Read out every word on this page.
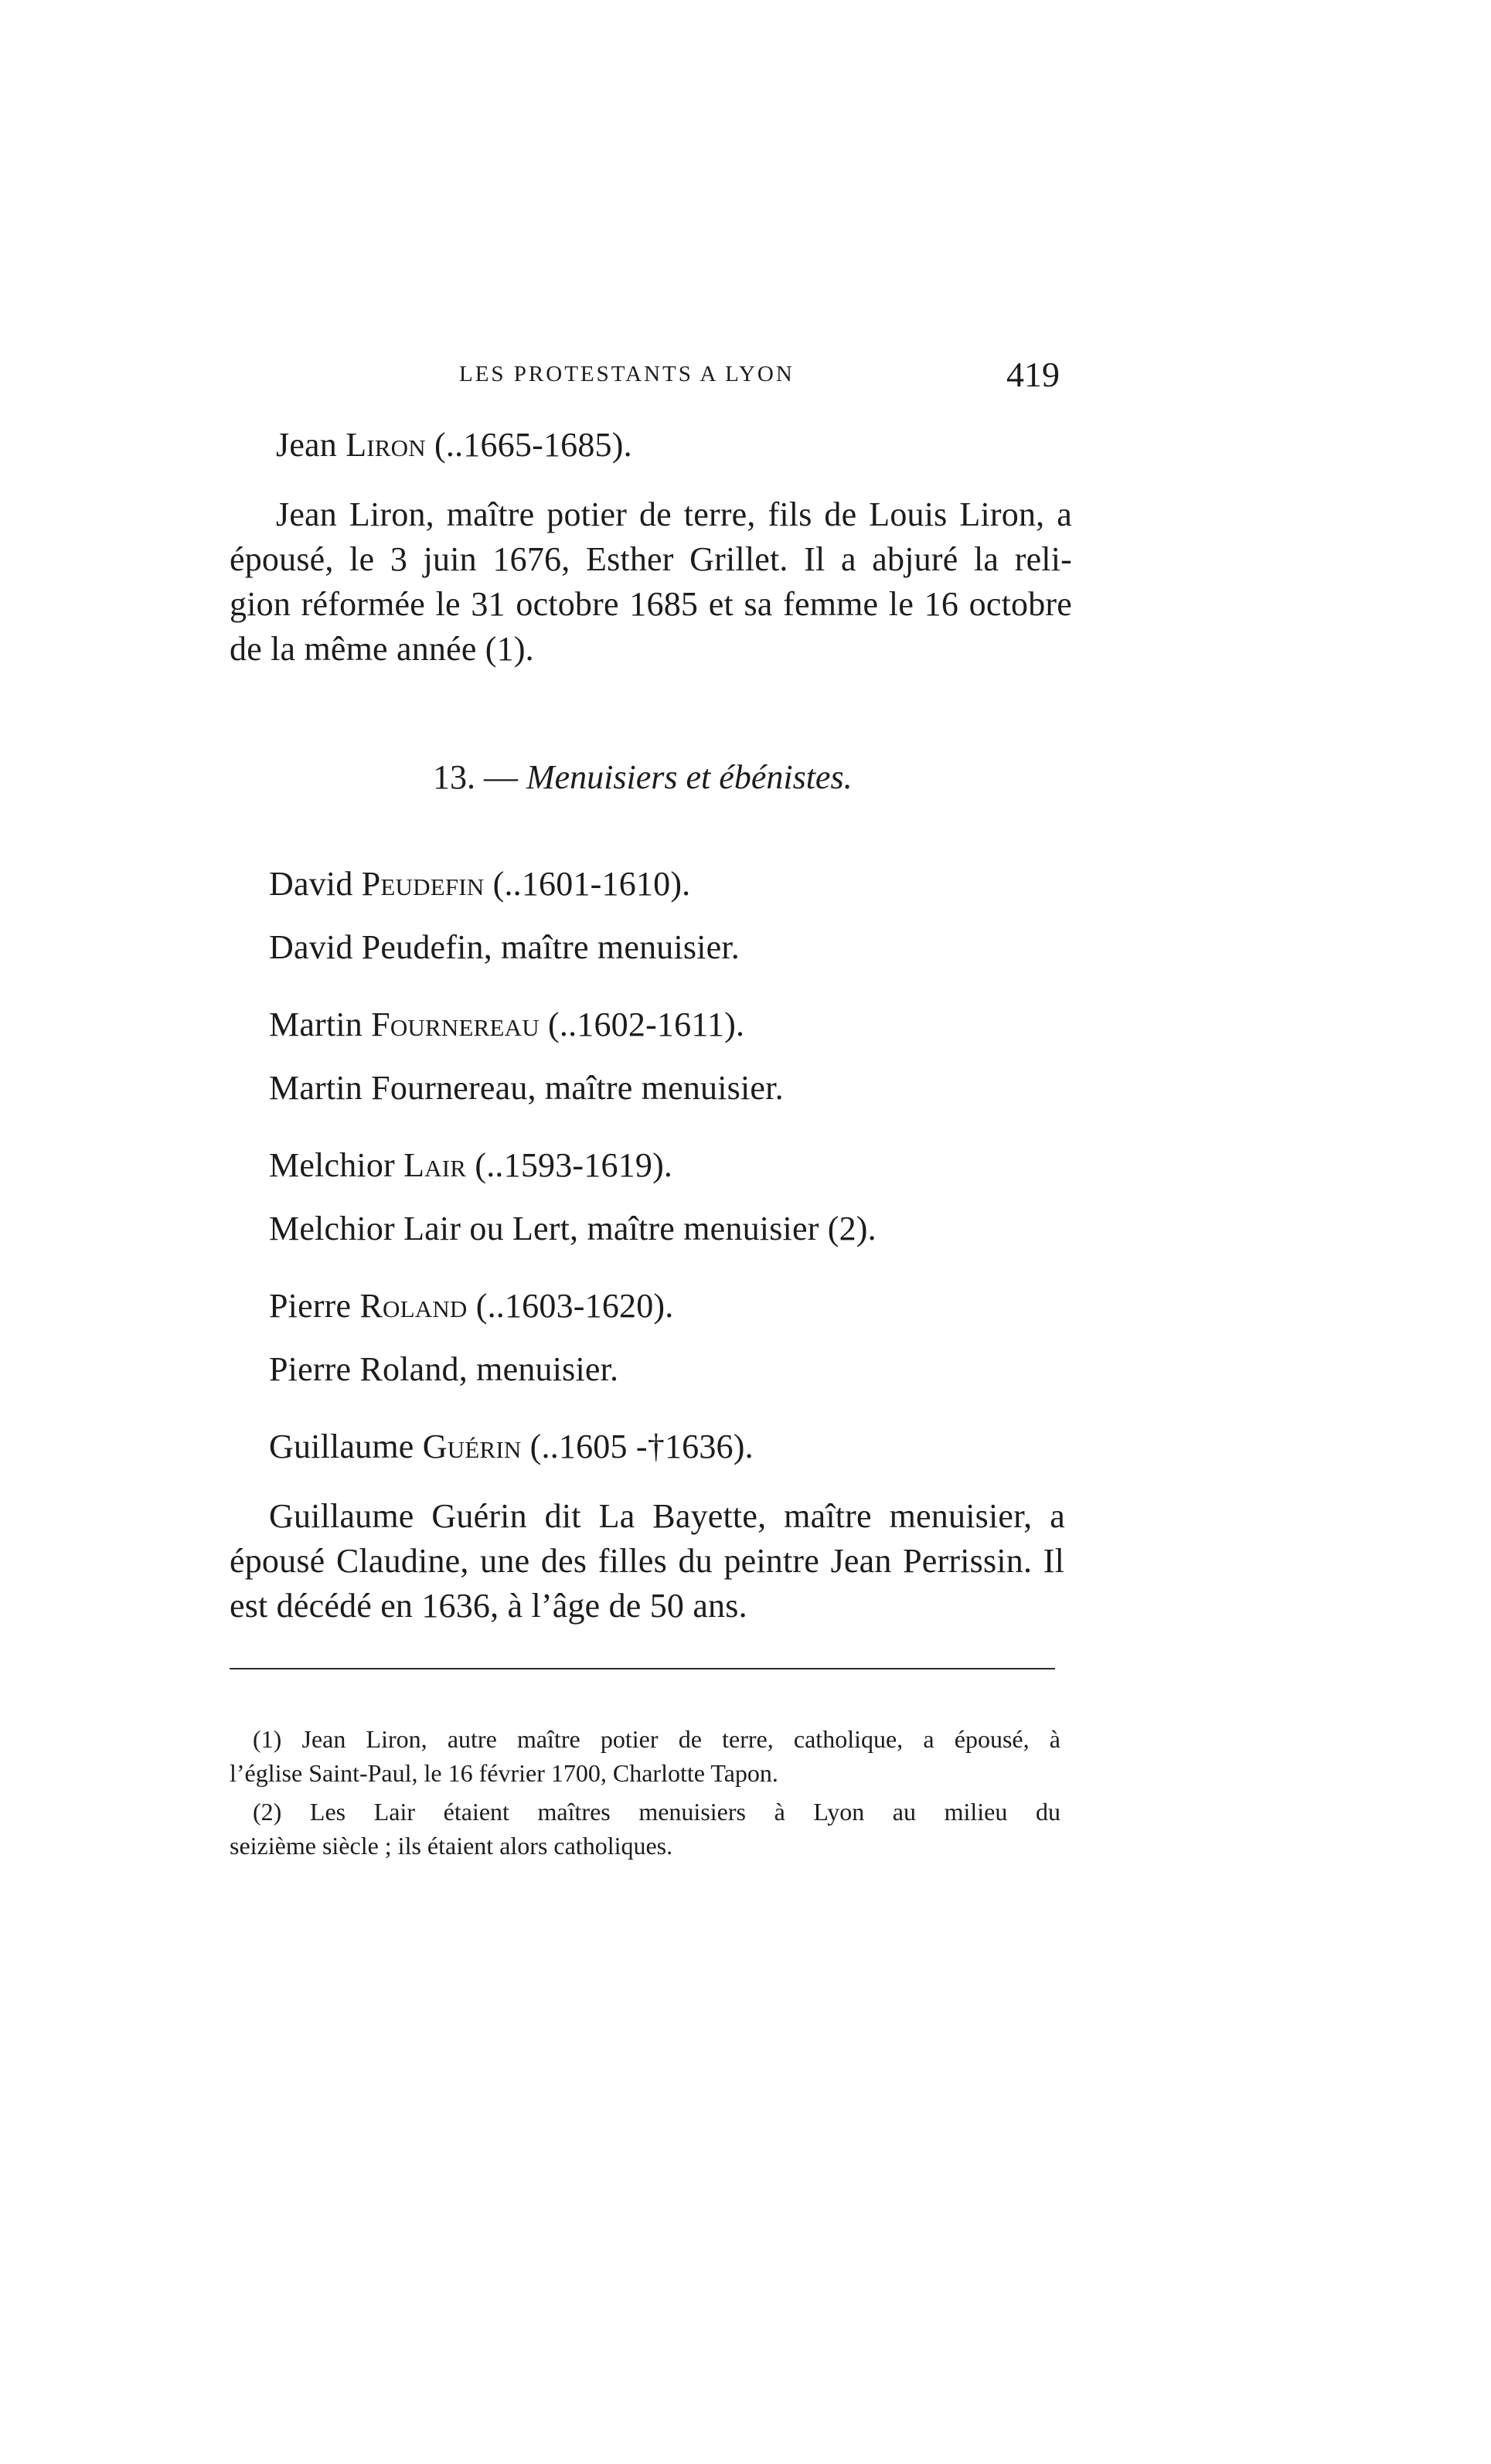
LES PROTESTANTS A LYON	419
Jean Liron (..1665-1685).
Jean Liron, maître potier de terre, fils de Louis Liron, a
épousé, le 3 juin 1676, Esther Grillet. Il a abjuré la reli-
gion réformée le 31 octobre 1685 et sa femme le 16 octobre
de la même année (1).
13. — Menuisiers et ébénistes.
David Peudefin (..1601-1610).
David Peudefin, maître menuisier.
Martin Fournereau (..1602-1611).
Martin Fournereau, maître menuisier.
Melchior Lair (..1593-1619).
Melchior Lair ou Lert, maître menuisier (2).
Pierre Roland (..1603-1620).
Pierre Roland, menuisier.
Guillaume Guérin (..1605 -†1636).
Guillaume Guérin dit La Bayette, maître menuisier, a
épousé Claudine, une des filles du peintre Jean Perrissin. Il
est décédé en 1636, à l’âge de 50 ans.
(1) Jean Liron, autre maître potier de terre, catholique, a épousé, à
l’église Saint-Paul, le 16 février 1700, Charlotte Tapon.
(2) Les Lair étaient maîtres menuisiers à Lyon au milieu du
seizième siècle ; ils étaient alors catholiques.
